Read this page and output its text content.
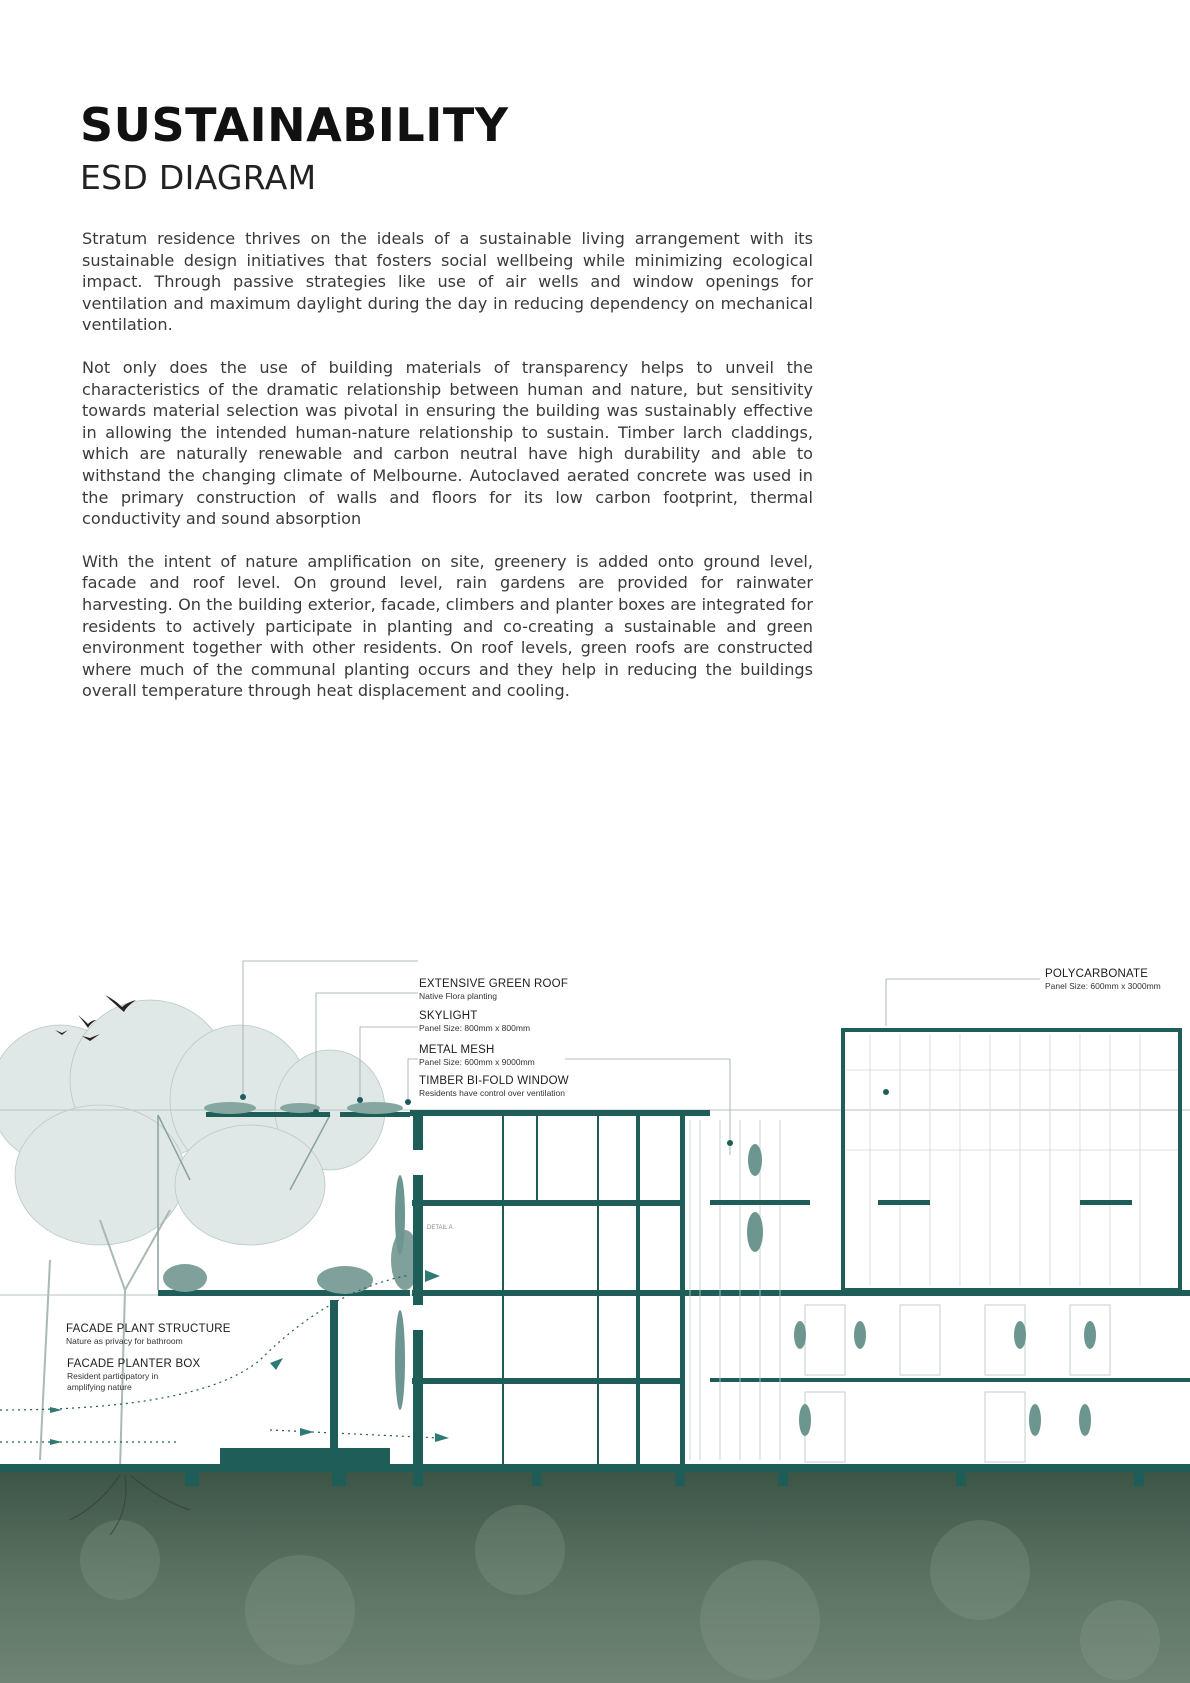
SUSTAINABILITY
ESD DIAGRAM

Stratum residence thrives on the ideals of a sustainable living arrangement with its sustainable design initiatives that fosters social wellbeing while minimizing ecological impact. Through passive strategies like use of air wells and window openings for ventilation and maximum daylight during the day in reducing dependency on mechanical ventilation.

Not only does the use of building materials of transparency helps to unveil the characteristics of the dramatic relationship between human and nature, but sensitivity towards material selection was pivotal in ensuring the building was sustainably effective in allowing the intended human-nature relationship to sustain. Timber larch claddings, which are naturally renewable and carbon neutral have high durability and able to withstand the changing climate of Melbourne. Autoclaved aerated concrete was used in the primary construction of walls and floors for its low carbon footprint, thermal conductivity and sound absorption

With the intent of nature amplification on site, greenery is added onto ground level, facade and roof level. On ground level, rain gardens are provided for rainwater harvesting. On the building exterior, facade, climbers and planter boxes are integrated for residents to actively participate in planting and co-creating a sustainable and green environment together with other residents. On roof levels, green roofs are constructed where much of the communal planting occurs and they help in reducing the buildings overall temperature through heat displacement and cooling.

EXTENSIVE GREEN ROOF
Native Flora planting
SKYLIGHT
Panel Size: 800mm x 800mm
METAL MESH
Panel Size: 600mm x 9000mm
TIMBER BI-FOLD WINDOW
Residents have control over ventilation
POLYCARBONATE
Panel Size: 600mm x 3000mm
FACADE PLANT STRUCTURE
Nature as privacy for bathroom
FACADE PLANTER BOX
Resident participatory in
amplifying nature
DETAIL A
